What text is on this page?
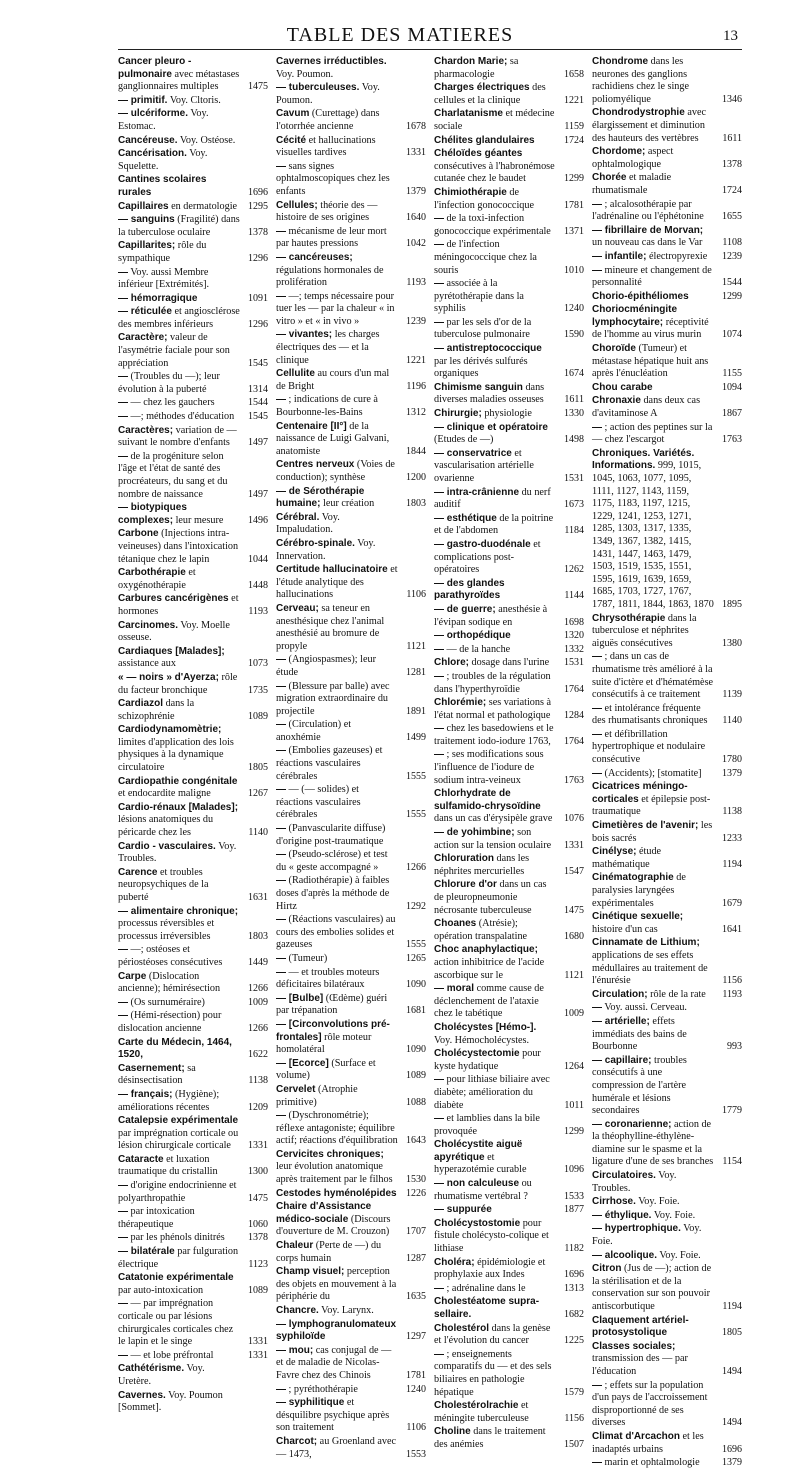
TABLE DES MATIERES	13
Cancer pleuro - pulmonaire avec métastases ganglionnaires multiples	1475
— primitif. Voy. Cltoris.
— ulcériforme. Voy. Estomac.
Cancéreuse. Voy. Ostéose.
Cancérisation. Voy. Squelette.
Cantines scolaires rurales	1696
Capillaires en dermatologie	1295
— sanguins (Fragilité) dans la tuberculose oculaire	1378
Capillarites; rôle du sympathique	1296
— Voy. aussi Membre inférieur [Extrémités].
— hémorragique	1091
— réticulée et angiosclérose des membres inférieurs	1296
Caractère; valeur de l'asymétrie faciale pour son appréciation	1545
— (Troubles du —); leur évolution à la puberté	1314
— — chez les gauchers	1544
— —; méthodes d'éducation	1545
Caractères; variation de — suivant le nombre d'enfants	1497
— de la progéniture selon l'âge et l'état de santé des procréateurs, du sang et du nombre de naissance	1497
— biotypiques complexes; leur mesure	1496
Carbone (Injections intra-veineuses) dans l'intoxication tétanique chez le lapin	1044
Carbothérapie et oxygénothérapie	1448
Carbures cancérigènes et hormones	1193
Carcinomes. Voy. Moelle osseuse.
Cardiaques [Malades]; assistance aux	1073
« — noirs » d'Ayerza; rôle du facteur bronchique	1735
Cardiazol dans la schizophrénie	1089
Cardiodynamomètrie; limites d'application des lois physiques à la dynamique circulatoire	1805
Cardiopathie congénitale et endocardite maligne	1267
Cardio-rénaux [Malades]; lésions anatomiques du péricarde chez les	1140
Cardio - vasculaires. Voy. Troubles.
Carence et troubles neuropsychiques de la puberté	1631
— alimentaire chronique; processus réversibles et processus irréversibles	1803
— —; ostéoses et périostéoses consécutives	1449
Carpe (Dislocation ancienne); hémirésection	1266
— (Os surnuméraire)	1009
— (Hémi-résection) pour dislocation ancienne	1266
Carte du Médecin, 1464, 1520,	1622
Casernement; sa désinsectisation	1138
— français; (Hygiène); améliorations récentes	1209
Catalepsie expérimentale par imprégnation corticale ou lésion chirurgicale corticale	1331
Cataracte et luxation traumatique du cristallin	1300
— d'origine endocrinienne et polyarthropathie	1475
— par intoxication thérapeutique	1060
— par les phénols dinitrés	1378
— bilatérale par fulguration électrique	1123
Catatonie expérimentale par auto-intoxication	1089
— — par imprégnation corticale ou par lésions chirurgicales corticales chez le lapin et le singe	1331
— — et lobe préfrontal	1331
Cathétérisme. Voy. Uretère.
Cavernes. Voy. Poumon [Sommet].
Cavernes irréductibles. Voy. Poumon.
— tuberculeuses. Voy. Poumon.
Cavum (Curettage) dans l'otorrhée ancienne	1678
Cécité et hallucinations visuelles tardives	1331
— sans signes ophtalmoscopiques chez les enfants	1379
Cellules; théorie des — histoire de ses origines	1640
— mécanisme de leur mort par hautes pressions	1042
— cancéreuses; régulations hormonales de prolifération	1193
— —; temps nécessaire pour tuer les — par la chaleur « in vitro » et « in vivo »	1239
— vivantes; les charges électriques des — et la clinique	1221
Cellulite au cours d'un mal de Bright	1196
— ; indications de cure à Bourbonne-les-Bains	1312
Centenaire [II°] de la naissance de Luigi Galvani, anatomiste	1844
Centres nerveux (Voies de conduction); synthèse	1200
— de Sérothérapie humaine; leur création	1803
Cérébral. Voy. Impaludation.
Cérébro-spinale. Voy. Innervation.
Certitude hallucinatoire et l'étude analytique des hallucinations	1106
Cerveau; sa teneur en anesthésique chez l'animal anesthésié au bromure de propyle	1121
— (Angiospasmes); leur étude	1281
— (Blessure par balle) avec migration extraordinaire du projectile	1891
— (Circulation) et anoxhémie	1499
— (Embolies gazeuses) et réactions vasculaires cérébrales	1555
— — (— solides) et réactions vasculaires cérébrales	1555
— (Panvascularite diffuse) d'origine post-traumatique
— (Pseudo-sclérose) et test du « geste accompagné »	1266
— (Radiothérapie) à faibles doses d'après la méthode de Hirtz	1292
— (Réactions vasculaires) au cours des embolies solides et gazeuses	1555
— (Tumeur)	1265
— — et troubles moteurs déficitaires bilatéraux	1090
— [Bulbe] (Œdème) guéri par trépanation	1681
— [Circonvolutions pré-frontales] rôle moteur homolatéral	1090
— [Ecorce] (Surface et volume)	1089
Cervelet (Atrophie primitive)	1088
— (Dyschronométrie); réflexe antagoniste; équilibre actif; réactions d'équilibration 1643
Cervicites chroniques; leur évolution anatomique après traitement par le filhos	1530
Cestodes hyménolépides 1226
Chaire d'Assistance médico-sociale (Discours d'ouverture de M. Crouzon)	1707
Chaleur (Perte de —) du corps humain	1287
Champ visuel; perception des objets en mouvement à la périphérie du	1635
Chancre. Voy. Larynx.
— lymphogranulomateux syphiloïde	1297
— mou; cas conjugal de — et de maladie de Nicolas-Favre chez des Chinois	1781
— ; pyréthothérapie	1240
— syphilitique et désquilibre psychique après son traitement	1106
Charcot; au Groenland avec — 1473,	1553
Chardon Marie; sa pharmacologie	1658
Charges électriques des cellules et la clinique	1221
Charlatanisme et médecine sociale	1159
Chélites glandulaires	1724
Chéloïdes géantes consécutives à l'habronémose cutanée chez le baudet	1299
Chimiothérapie de l'infection gonococcique	1781
— de la toxi-infection gonococcique expérimentale	1371
— de l'infection méningococcique chez la souris	1010
— associée à la pyrétothérapie dans la syphilis	1240
— par les sels d'or de la tuberculose pulmonaire	1590
— antistreptococcique par les dérivés sulfurés organiques	1674
Chimisme sanguin dans diverses maladies osseuses	1611
Chirurgie; physiologie	1330
— clinique et opératoire (Etudes de —)	1498
— conservatrice et vascularisation artérielle ovarienne	1531
— intra-crânienne du nerf auditif	1673
— esthétique de la poitrine et de l'abdomen	1184
— gastro-duodénale et complications post-opératoires	1262
— des glandes parathyroïdes	1144
— de guerre; anesthésie à l'évipan sodique en	1698
— orthopédique	1320
— — de la hanche	1332
Chlore; dosage dans l'urine	1531
— ; troubles de la régulation dans l'hyperthyroïdie	1764
Chlorémie; ses variations à l'état normal et pathologique	1284
— chez les basedowiens et le traitement iodo-iodure 1763,	1764
— ; ses modifications sous l'influence de l'iodure de sodium intra-veineux	1763
Chlorhydrate de sulfamido-chrysoïdine dans un cas d'érysipèle grave	1076
— de yohimbine; son action sur la tension oculaire	1331
Chloruration dans les néphrites mercurielles	1547
Chlorure d'or dans un cas de pleuropneumonie nécrosante tuberculeuse	1475
Choanes (Atrésie); opération transpalatine	1680
Choc anaphylactique; action inhibitrice de l'acide ascorbique sur le	1121
— moral comme cause de déclenchement de l'ataxie chez le tabétique	1009
Cholécystes [Hémo-]. Voy. Hémocholécystes.
Cholécystectomie pour kyste hydatique	1264
— pour lithiase biliaire avec diabète; amélioration du diabète	1011
— et lamblies dans la bile provoquée	1299
Cholécystite aiguë apyrétique et hyperazotémie curable	1096
— non calculeuse ou rhumatisme vertébral ?	1533
— suppurée	1877
Cholécystostomie pour fistule cholécysto-colique et lithiase	1182
Choléra; épidémiologie et prophylaxie aux Indes	1696
— ; adrénaline dans le	1313
Cholestéatome supra-sellaire.	1682
Cholestérol dans la genèse et l'évolution du cancer	1225
— ; enseignements comparatifs du — et des sels biliaires en pathologie hépatique	1579
Cholestérolrachie et méningite tuberculeuse	1156
Choline dans le traitement des anémies	1507
Chondrome dans les neurones des ganglions rachidiens chez le singe poliomyélique	1346
Chondrodystrophie avec élargissement et diminution des hauteurs des vertèbres	1611
Chordome; aspect ophtalmologique	1378
Chorée et maladie rhumatismale	1724
— ; alcalosothérapie par l'adrénaline ou l'éphétonine	1655
— fibrillaire de Morvan; un nouveau cas dans le Var	1108
— infantile; électropyrexie	1239
— mineure et changement de personnalité	1544
Chorio-épithéliomes	1299
Choriocméningite lymphocytaire; réceptivité de l'homme au virus murin	1074
Choroïde (Tumeur) et métastase hépatique huit ans après l'énucléation	1155
Chou carabe	1094
Chronaxie dans deux cas d'avitaminose A	1867
— ; action des peptines sur la — chez l'escargot	1763
Chroniques. Variétés. Informations. 999, 1015, 1045, 1063, 1077, 1095, 1111, 1127, 1143, 1159, 1175, 1183, 1197, 1215, 1229, 1241, 1253, 1271, 1285, 1303, 1317, 1335, 1349, 1367, 1382, 1415, 1431, 1447, 1463, 1479, 1503, 1519, 1535, 1551, 1595, 1619, 1639, 1659, 1685, 1703, 1727, 1767, 1787, 1811, 1844, 1863, 1870 1895
Chrysothérapie dans la tuberculose et néphrites aiguës consécutives	1380
— ; dans un cas de rhumatisme très amélioré à la suite d'ictère et d'hématémèse consécutifs à ce traitement	1139
— et intolérance fréquente des rhumatisants chroniques	1140
— et défibrillation hypertrophique et nodulaire consécutive	1780
— (Accidents); [stomatite]	1379
Cicatrices méningo-corticales et épilepsie post-traumatique	1138
Cimetières de l'avenir; les bois sacrés	1233
Cinélyse; étude mathématique	1194
Cinématographie de paralysies laryngées expérimentales	1679
Cinétique sexuelle; histoire d'un cas	1641
Cinnamate de Lithium; applications de ses effets médullaires au traitement de l'énurésie	1156
Circulation; rôle de la rate	1193
— Voy. aussi. Cerveau.
— artérielle; effets immédiats des bains de Bourbonne	993
— capillaire; troubles consécutifs à une compression de l'artère humérale et lésions secondaires	1779
— coronarienne; action de la théophylline-éthylène-diamine sur le spasme et la ligature d'une de ses branches 1154
Circulatoires. Voy. Troubles.
Cirrhose. Voy. Foie.
— éthylique. Voy. Foie.
— hypertrophique. Voy. Foie.
— alcoolique. Voy. Foie.
Citron (Jus de —); action de la stérilisation et de la conservation sur son pouvoir antiscorbutique	1194
Claquement artériel-protosystolique	1805
Classes sociales; transmission des — par l'éducation	1494
— ; effets sur la population d'un pays de l'accroissement disproportionné de ses diverses	1494
Climat d'Arcachon et les inadaptés urbains	1696
— marin et ophtalmologie	1379
